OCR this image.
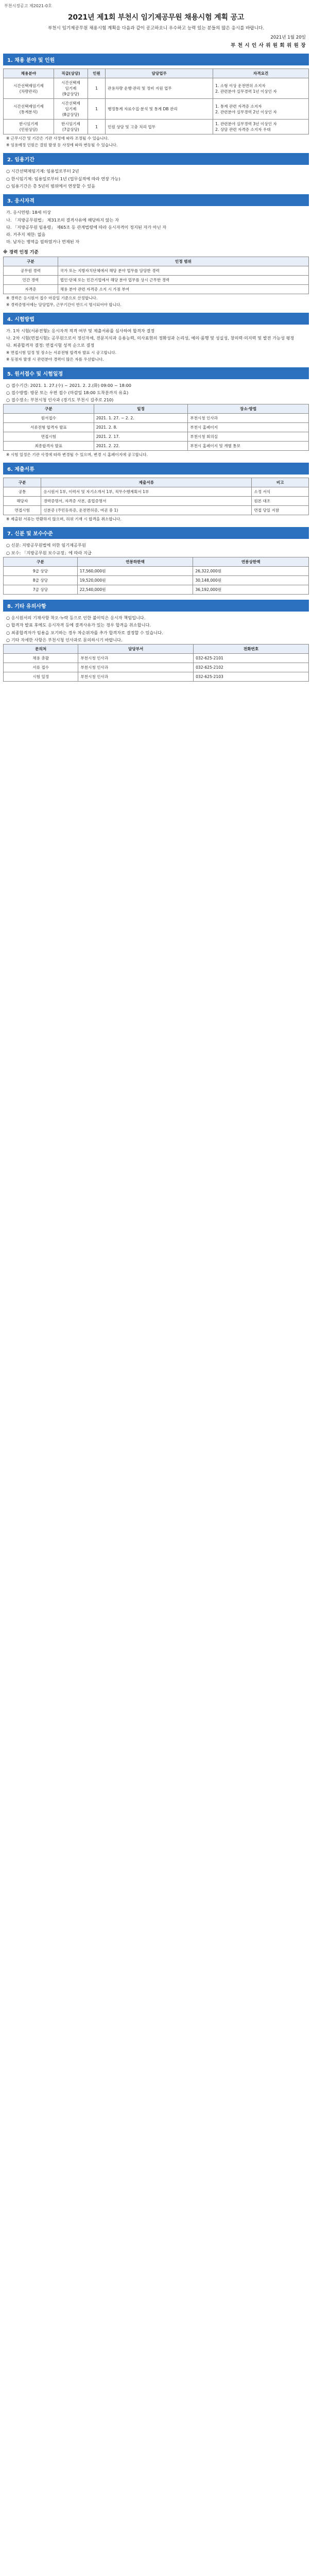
부천시정공고 제2021-0호
2021년 제1회 부천시 임기제공무원 채용시험 계획 공고
부천시 임기제공무원 채용시험 계획을 다음과 같이 공고하오니 우수하고 능력 있는 분들의 많은 응시를 바랍니다.
2021년 1월 20일
부 천 시 인 사 위 원 회 위 원 장
1. 채용 분야 및 인원
채용분야	직급(상당)	인원	담당업무	자격요건
시간선택제임기제
(차량관리)	시간선택제
임기제
(9급상당)	1	관용차량 운행·관리 및 정비 지원 업무	1. 소형 이상 운전면허 소지자
2. 관련분야 실무경력 1년 이상인 자
시간선택제임기제
(통계분석)	시간선택제
임기제
(8급상당)	1	행정통계 자료수집·분석 및 통계 DB 관리	1. 통계 관련 자격증 소지자
2. 관련분야 실무경력 2년 이상인 자
한시임기제
(민원상담)	한시임기제
(7급상당)	1	민원 상담 및 고충 처리 업무	1. 관련분야 실무경력 3년 이상인 자
2. 상담 관련 자격증 소지자 우대
※ 근무시간 및 기간은 기관 사정에 따라 조정될 수 있습니다.
※ 임용예정 인원은 결원 발생 등 사정에 따라 변동될 수 있습니다.
2. 임용기간
○ 시간선택제임기제: 임용일로부터 2년
○ 한시임기제: 임용일로부터 1년 (업무실적에 따라 연장 가능)
○ 임용기간은 총 5년의 범위에서 연장할 수 있음
3. 응시자격
가. 응시연령: 18세 이상
나. 「지방공무원법」 제31조의 결격사유에 해당하지 않는 자
다. 「지방공무원 임용령」 제65조 등 관계법령에 따라 응시자격이 정지된 자가 아닌 자
라. 거주지 제한: 없음
마. 남자는 병역을 필하였거나 면제된 자
※ 경력 인정 기준
구분	인정 범위
공무원 경력	국가 또는 지방자치단체에서 해당 분야 업무를 담당한 경력
민간 경력	법인·단체 또는 민간기업에서 해당 분야 업무를 상시 근무한 경력
자격증	채용 분야 관련 자격증 소지 시 가점 부여
※ 경력은 응시원서 접수 마감일 기준으로 산정합니다.
※ 경력증명서에는 담당업무, 근무기간이 반드시 명시되어야 합니다.
4. 시험방법
가. 1차 시험(서류전형): 응시자격 적격 여부 및 제출서류를 심사하여 합격자 결정
나. 2차 시험(면접시험): 공무원으로서 정신자세, 전문지식과 응용능력, 의사표현의 정확성과 논리성, 예의·품행 및 성실성, 창의력·의지력 및 발전 가능성 평정
다. 최종합격자 결정: 면접시험 성적 순으로 결정
※ 면접시험 일정 및 장소는 서류전형 합격자 발표 시 공고합니다.
※ 동점자 발생 시 관련분야 경력이 많은 자를 우선합니다.
5. 원서접수 및 시험일정
○ 접수기간: 2021. 1. 27.(수) ~ 2021. 2. 2.(화) 09:00 ~ 18:00
○ 접수방법: 방문 또는 우편 접수 (마감일 18:00 도착분까지 유효)
○ 접수장소: 부천시청 인사과 (경기도 부천시 길주로 210)
구분	일정	장소·방법
원서접수	2021. 1. 27. ~ 2. 2.	부천시청 인사과
서류전형 합격자 발표	2021. 2. 8.	부천시 홈페이지
면접시험	2021. 2. 17.	부천시청 회의실
최종합격자 발표	2021. 2. 22.	부천시 홈페이지 및 개별 통보
※ 시험 일정은 기관 사정에 따라 변경될 수 있으며, 변경 시 홈페이지에 공고합니다.
6. 제출서류
구분	제출서류	비고
공통	응시원서 1부, 이력서 및 자기소개서 1부, 직무수행계획서 1부	소정 서식
해당자	경력증명서, 자격증 사본, 졸업증명서	원본 대조
면접시험	신분증 (주민등록증, 운전면허증, 여권 중 1)	면접 당일 지참
※ 제출된 서류는 반환하지 않으며, 허위 기재 시 합격을 취소합니다.
7. 신분 및 보수수준
○ 신분: 지방공무원법에 의한 임기제공무원
○ 보수: 「지방공무원 보수규정」에 따라 지급
구분	연봉하한액	연봉상한액
9급 상당	17,560,000원	26,322,000원
8급 상당	19,520,000원	30,148,000원
7급 상당	22,540,000원	36,192,000원
8. 기타 유의사항
○ 응시원서의 기재사항 착오·누락 등으로 인한 불이익은 응시자 책임입니다.
○ 합격자 발표 후에도 응시자격 등에 결격사유가 있는 경우 합격을 취소합니다.
○ 최종합격자가 임용을 포기하는 경우 차순위자를 추가 합격자로 결정할 수 있습니다.
○ 기타 자세한 사항은 부천시청 인사과로 문의하시기 바랍니다.
문의처	담당부서	전화번호
채용 총괄	부천시청 인사과	032-625-2101
서류 접수	부천시청 인사과	032-625-2102
시험 일정	부천시청 인사과	032-625-2103
